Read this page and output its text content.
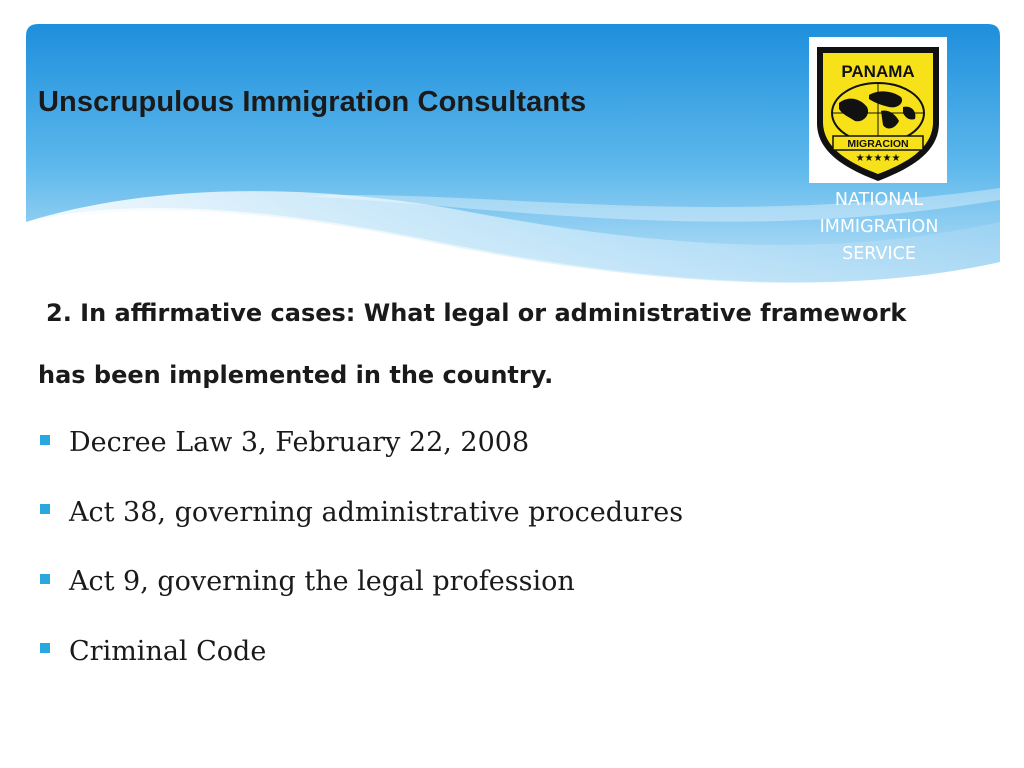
Unscrupulous Immigration Consultants
PANAMA
MIGRACION
★★★★★
NATIONAL
IMMIGRATION
SERVICE
2. In affirmative cases: What legal or administrative framework
has been implemented in the country.
Decree Law 3, February 22, 2008
Act 38, governing administrative procedures
Act 9, governing the legal profession
Criminal Code
